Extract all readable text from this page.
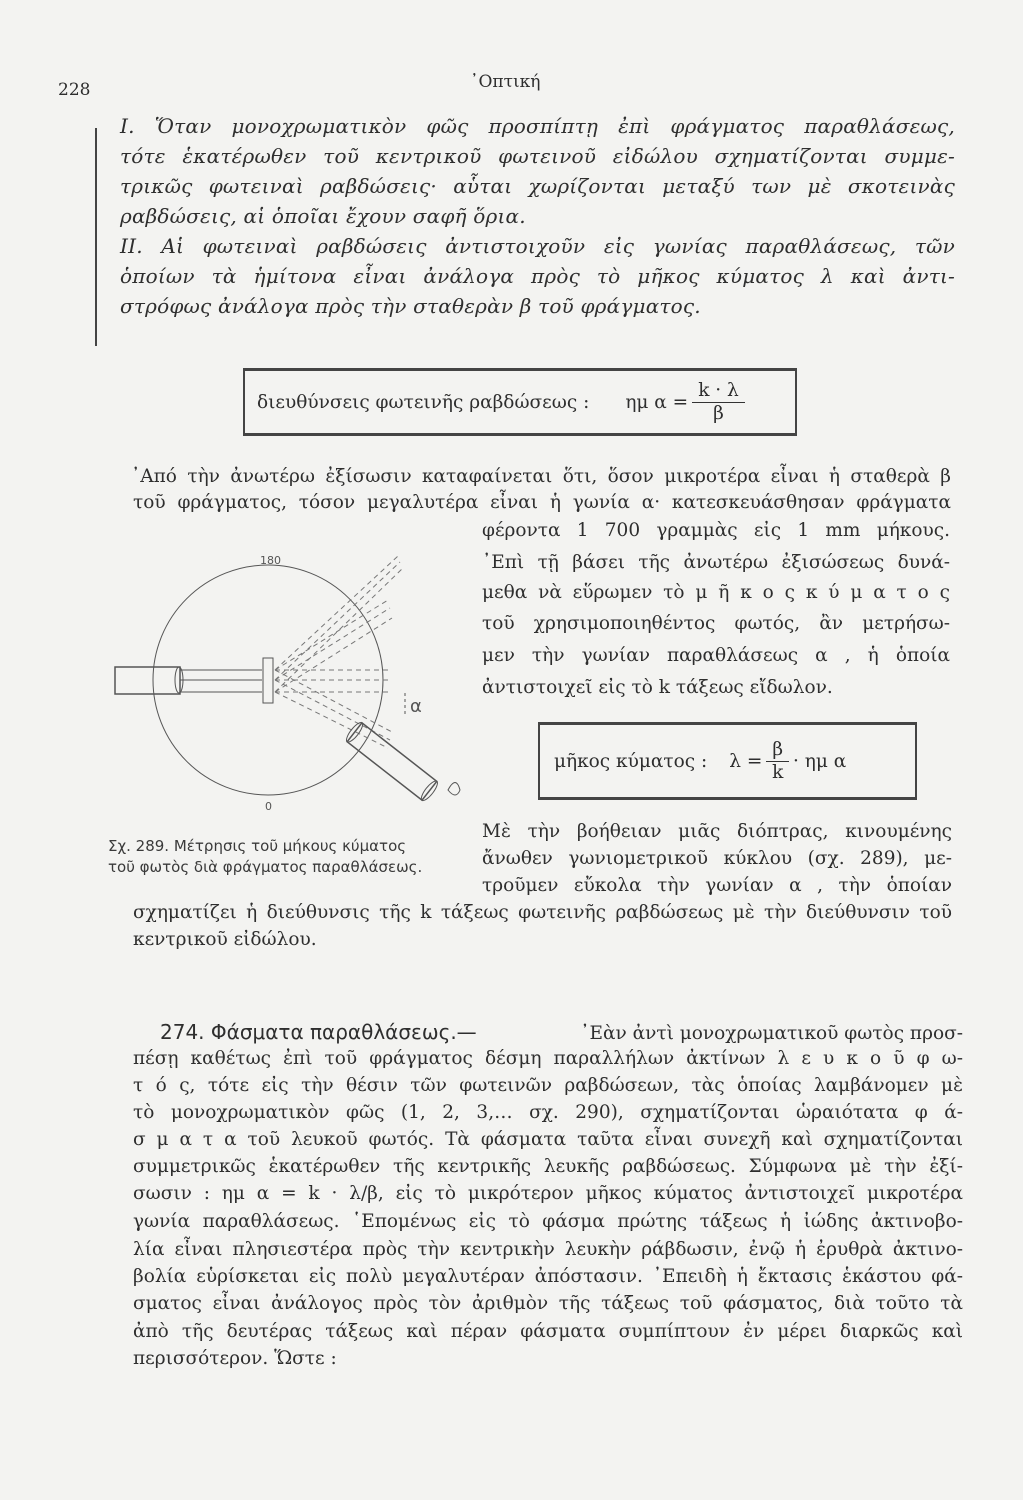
228	᾽Οπτική
I. Ὅταν μονοχρωματικὸν φῶς προσπίπτῃ ἐπὶ φράγματος παραθλάσεως,
τότε ἑκατέρωθεν τοῦ κεντρικοῦ φωτεινοῦ εἰδώλου σχηματίζονται συμμε-
τρικῶς φωτειναὶ ραβδώσεις· αὗται χωρίζονται μεταξύ των μὲ σκοτεινὰς
ραβδώσεις, αἱ ὁποῖαι ἔχουν σαφῆ ὅρια.
II. Αἱ φωτειναὶ ραβδώσεις ἀντιστοιχοῦν εἰς γωνίας παραθλάσεως, τῶν
ὁποίων τὰ ἡμίτονα εἶναι ἀνάλογα πρὸς τὸ μῆκος κύματος λ καὶ ἀντι-
στρόφως ἀνάλογα πρὸς τὴν σταθερὰν β τοῦ φράγματος.
διευθύνσεις φωτεινῆς ραβδώσεως : ημ $\alpha = \frac{k \cdot \lambda}{\beta}$
᾽Από τὴν ἀνωτέρω ἐξίσωσιν καταφαίνεται ὅτι, ὅσον μικροτέρα εἶναι ἡ σταθερὰ β
τοῦ φράγματος, τόσον μεγαλυτέρα εἶναι ἡ γωνία α· κατεσκευάσθησαν φράγματα
φέροντα 1 700 γραμμὰς εἰς 1 mm μήκους.
᾽Επὶ τῇ βάσει τῆς ἀνωτέρω ἐξισώσεως δυνά-
μεθα νὰ εὕρωμεν τὸ μ ῆ κ ο ς κ ύ μ α τ ο ς
τοῦ χρησιμοποιηθέντος φωτός, ἂν μετρήσω-
μεν τὴν γωνίαν παραθλάσεως α , ἡ ὁποία
ἀντιστοιχεῖ εἰς τὸ k τάξεως εἴδωλον.
180
0
α
Σχ. 289. Μέτρησις τοῦ μήκους κύματος
τοῦ φωτὸς διὰ φράγματος παραθλάσεως.
μῆκος κύματος : $\lambda = \frac{\beta}{k} \cdot \eta\mu$ α
Μὲ τὴν βοήθειαν μιᾶς διόπτρας, κινουμένης
ἄνωθεν γωνιομετρικοῦ κύκλου (σχ. 289), με-
τροῦμεν εὔκολα τὴν γωνίαν α , τὴν ὁποίαν
σχηματίζει ἡ διεύθυνσις τῆς k τάξεως φωτεινῆς ραβδώσεως μὲ τὴν διεύθυνσιν τοῦ
κεντρικοῦ εἰδώλου.
274. Φάσματα παραθλάσεως.—	᾽Εὰν ἀντὶ μονοχρωματικοῦ φωτὸς προσ-
πέσῃ καθέτως ἐπὶ τοῦ φράγματος δέσμη παραλλήλων ἀκτίνων λ ε υ κ ο ῦ φ ω-
τ ό ς, τότε εἰς τὴν θέσιν τῶν φωτεινῶν ραβδώσεων, τὰς ὁποίας λαμβάνομεν μὲ
τὸ μονοχρωματικὸν φῶς (1, 2, 3,… σχ. 290), σχηματίζονται ὡραιότατα φ ά-
σ μ α τ α τοῦ λευκοῦ φωτός. Τὰ φάσματα ταῦτα εἶναι συνεχῆ καὶ σχηματίζονται
συμμετρικῶς ἑκατέρωθεν τῆς κεντρικῆς λευκῆς ραβδώσεως. Σύμφωνα μὲ τὴν ἐξί-
σωσιν : ημ α = k · λ/β, εἰς τὸ μικρότερον μῆκος κύματος ἀντιστοιχεῖ μικροτέρα
γωνία παραθλάσεως. ῾Επομένως εἰς τὸ φάσμα πρώτης τάξεως ἡ ἰώδης ἀκτινοβο-
λία εἶναι πλησιεστέρα πρὸς τὴν κεντρικὴν λευκὴν ράβδωσιν, ἐνῷ ἡ ἐρυθρὰ ἀκτινο-
βολία εὑρίσκεται εἰς πολὺ μεγαλυτέραν ἀπόστασιν. ᾽Επειδὴ ἡ ἔκτασις ἑκάστου φά-
σματος εἶναι ἀνάλογος πρὸς τὸν ἀριθμὸν τῆς τάξεως τοῦ φάσματος, διὰ τοῦτο τὰ
ἀπὸ τῆς δευτέρας τάξεως καὶ πέραν φάσματα συμπίπτουν ἐν μέρει διαρκῶς καὶ
περισσότερον. Ὥστε :
